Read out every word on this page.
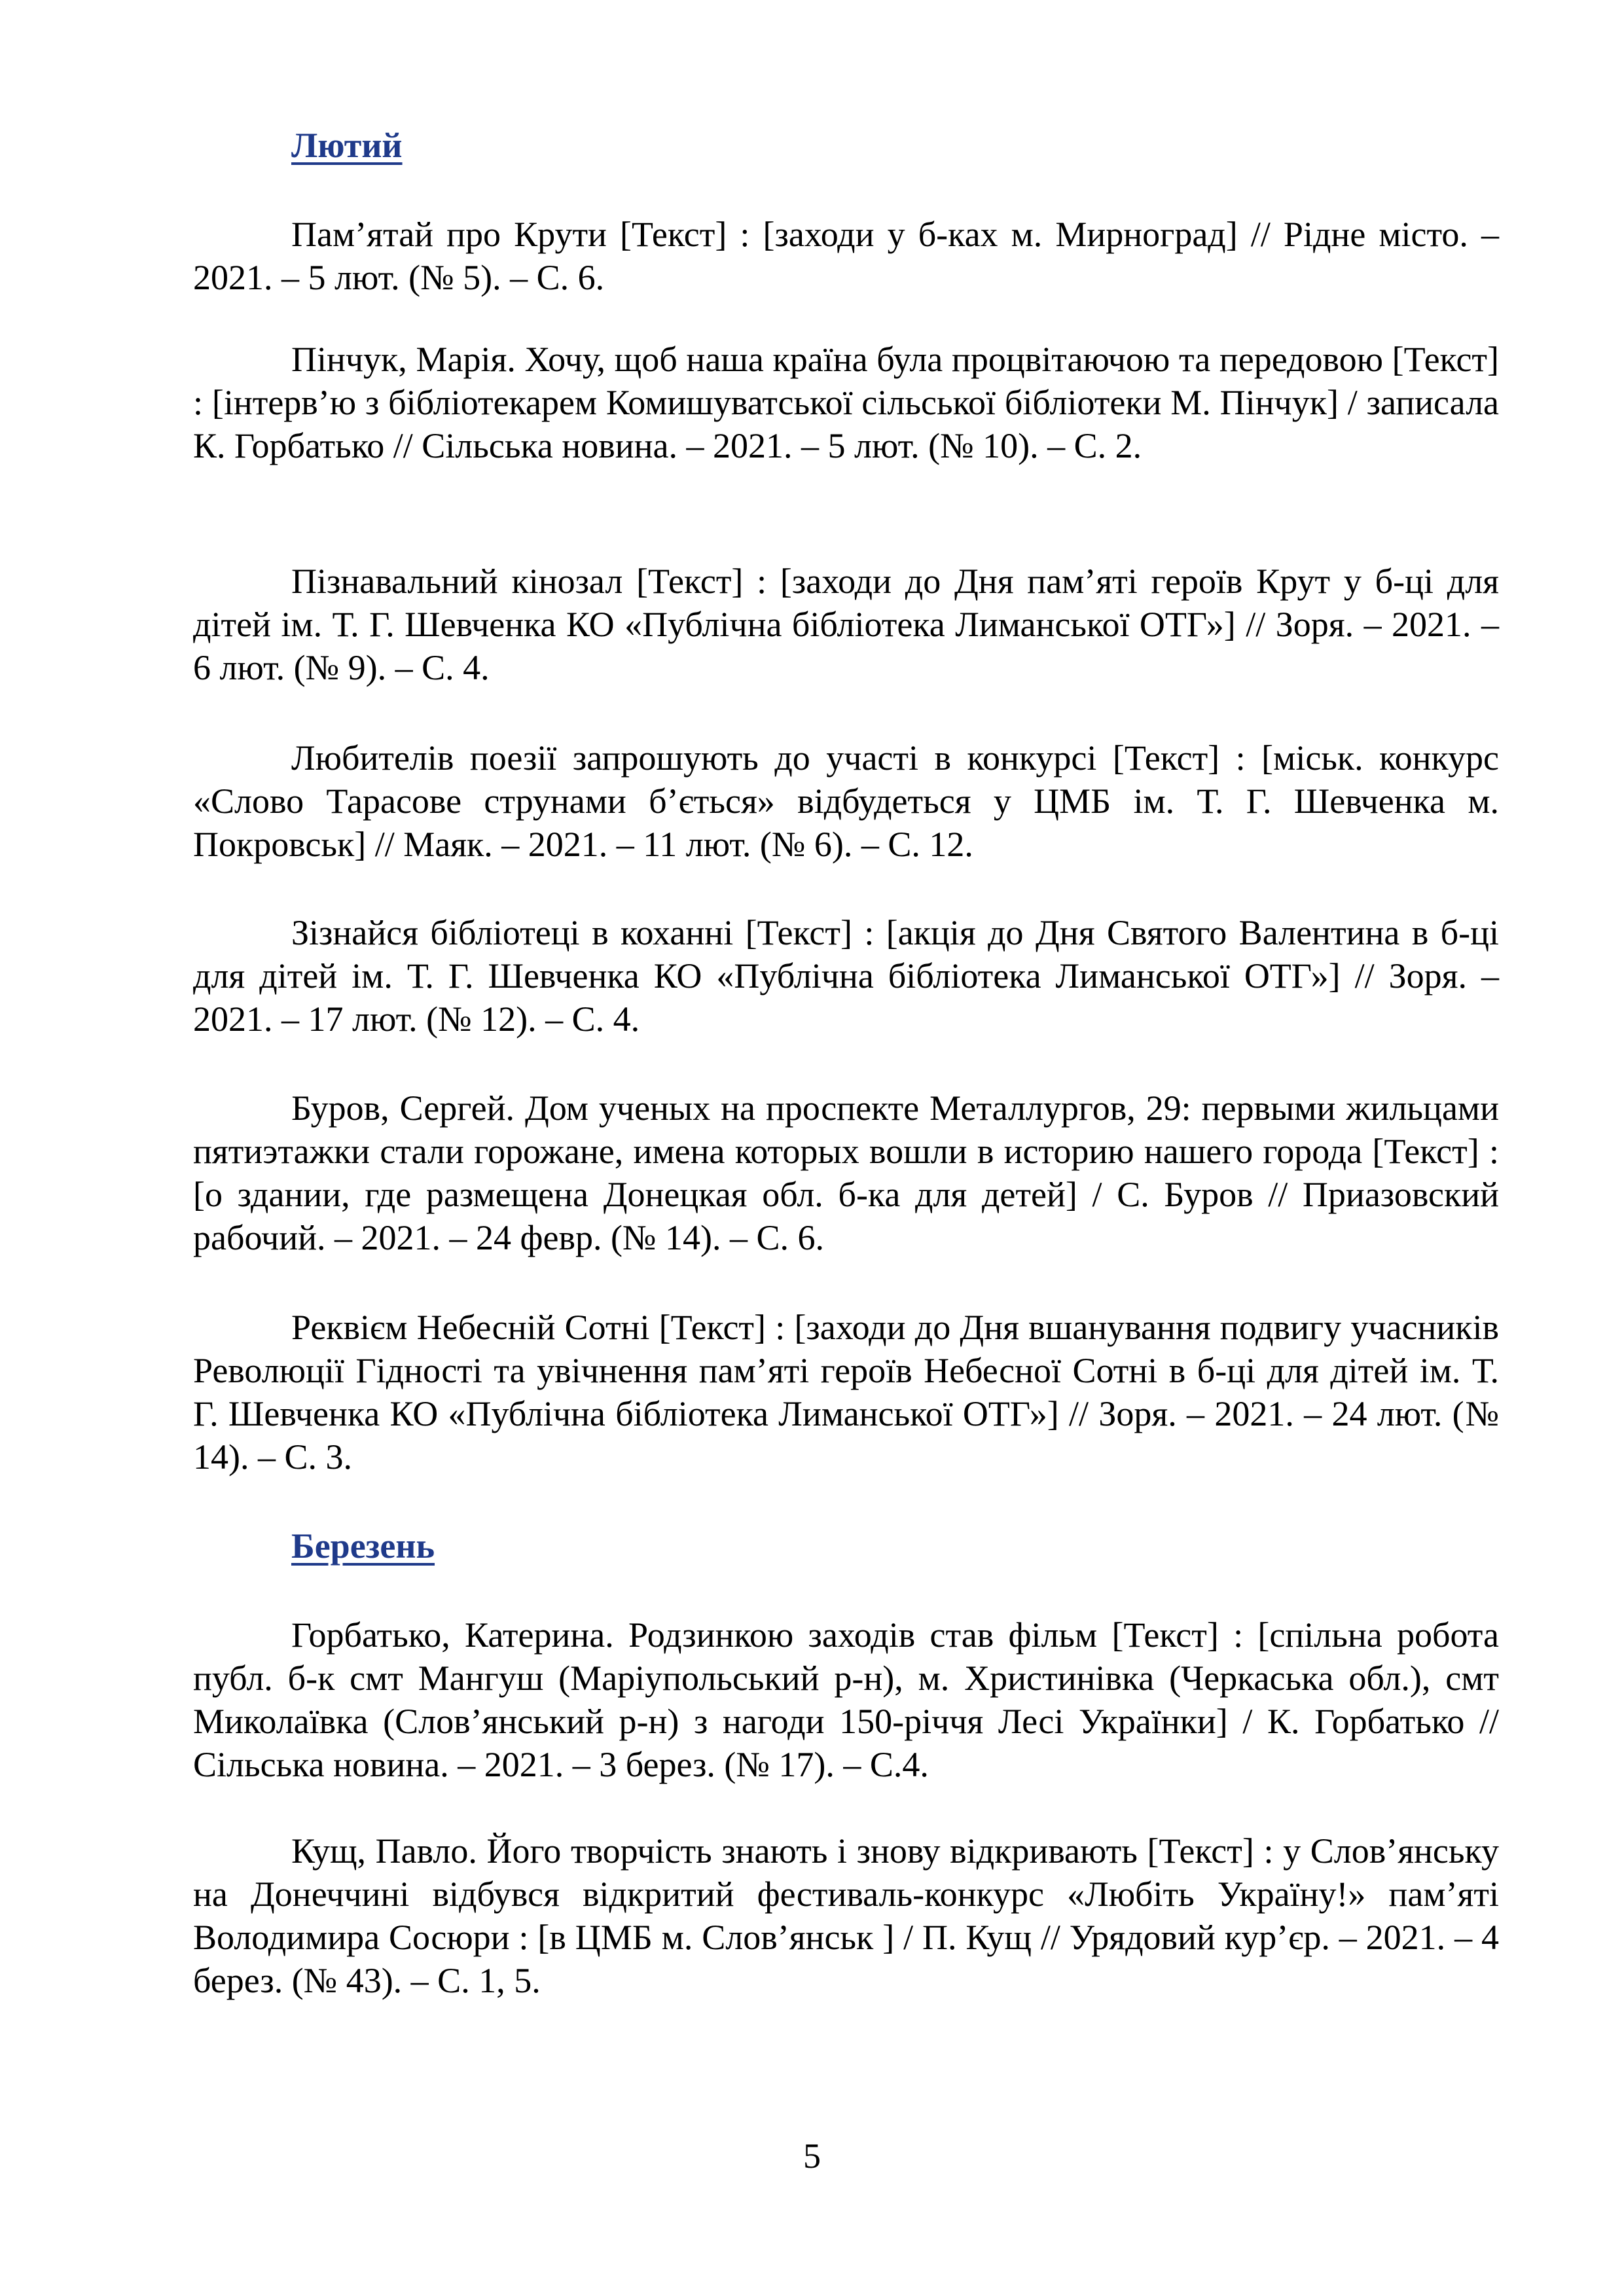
Лютий

Пам’ятай про Крути [Текст] : [заходи у б-ках м. Мирноград] // Рідне місто. – 2021. – 5 лют. (№ 5). – С. 6.

Пінчук, Марія. Хочу, щоб наша країна була процвітаючою та передовою [Текст] : [інтерв’ю з бібліотекарем Комишуватської сільської бібліотеки М. Пінчук] / записала К. Горбатько // Сільська новина. – 2021. – 5 лют. (№ 10). – С. 2.

Пізнавальний кінозал [Текст] : [заходи до Дня пам’яті героїв Крут у б-ці для дітей ім. Т. Г. Шевченка КО «Публічна бібліотека Лиманської ОТГ»] // Зоря. – 2021. – 6 лют. (№ 9). – С. 4.

Любителів поезії запрошують до участі в конкурсі [Текст] : [міськ. конкурс «Слово Тарасове струнами б’ється» відбудеться у ЦМБ ім. Т. Г. Шевченка м. Покровськ] // Маяк. – 2021. – 11 лют. (№ 6). – С. 12.

Зізнайся бібліотеці в коханні [Текст] : [акція до Дня Святого Валентина в б-ці для дітей ім. Т. Г. Шевченка КО «Публічна бібліотека Лиманської ОТГ»] // Зоря. – 2021. – 17 лют. (№ 12). – С. 4.

Буров, Сергей. Дом ученых на проспекте Металлургов, 29: первыми жильцами пятиэтажки стали горожане, имена которых вошли в историю нашего города [Текст] : [о здании, где размещена Донецкая обл. б-ка для детей] / С. Буров // Приазовский рабочий. – 2021. – 24 февр. (№ 14). – С. 6.

Реквієм Небесній Сотні [Текст] : [заходи до Дня вшанування подвигу учасників Революції Гідності та увічнення пам’яті героїв Небесної Сотні в б-ці для дітей ім. Т. Г. Шевченка КО «Публічна бібліотека Лиманської ОТГ»] // Зоря. – 2021. – 24 лют. (№ 14). – С. 3.

Березень

Горбатько, Катерина. Родзинкою заходів став фільм [Текст] : [спільна робота публ. б-к смт Мангуш (Маріупольський р-н), м. Христинівка (Черкаська обл.), смт Миколаївка (Слов’янський р-н) з нагоди 150-річчя Лесі Українки] / К. Горбатько // Сільська новина. – 2021. – 3 берез. (№ 17). – С.4.

Кущ, Павло. Його творчість знають і знову відкривають [Текст] : у Слов’янську на Донеччині відбувся відкритий фестиваль-конкурс «Любіть Україну!» пам’яті Володимира Сосюри : [в ЦМБ м. Слов’янськ ] / П. Кущ // Урядовий кур’єр. – 2021. – 4 берез. (№ 43). – С. 1, 5.

5
